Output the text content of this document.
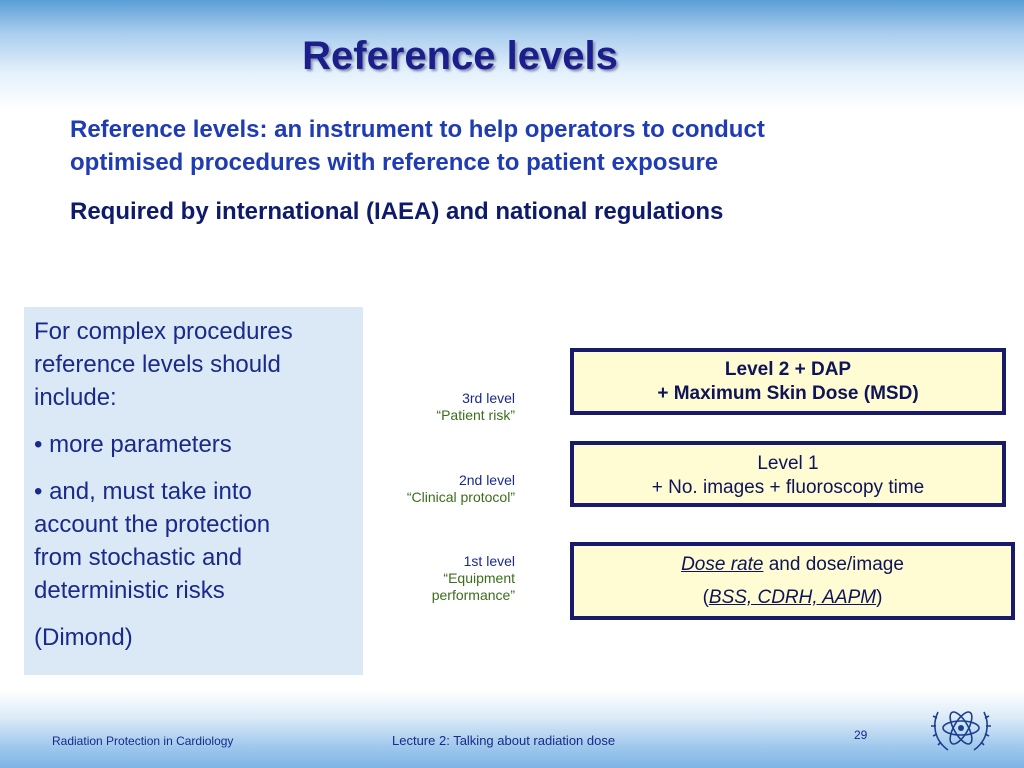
Reference levels
Reference levels: an instrument to help operators to conduct
optimised procedures with reference to patient exposure
Required by international (IAEA) and national regulations

For complex procedures
reference levels should
include:

• more parameters

• and, must take into
account the protection
from stochastic and
deterministic risks

(Dimond)

3rd level
“Patient risk”
2nd level
“Clinical protocol”
1st level
“Equipment
performance”
Level 2 + DAP
+ Maximum Skin Dose (MSD)
Level 1
+ No. images + fluoroscopy time
Dose rate and dose/image
(BSS, CDRH, AAPM)
Radiation Protection in Cardiology	Lecture 2: Talking about radiation dose	29
